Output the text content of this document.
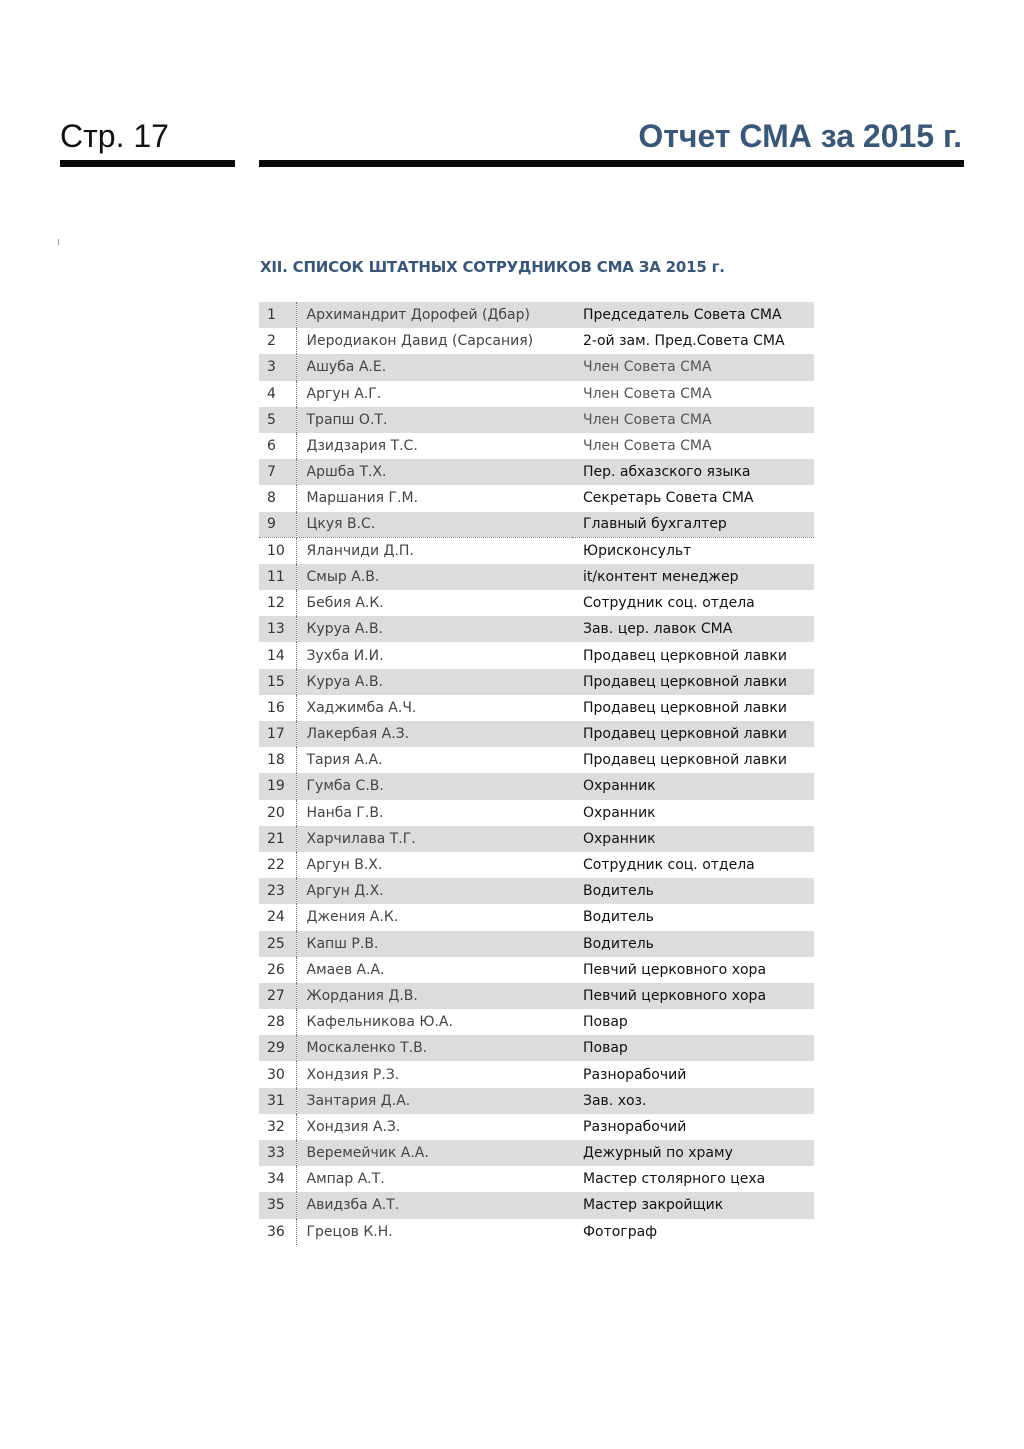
Стр. 17	Отчет СМА за 2015 г.
XII. СПИСОК ШТАТНЫХ СОТРУДНИКОВ СМА ЗА 2015 г.
1	Архимандрит Дорофей (Дбар)	Председатель Совета СМА
2	Иеродиакон Давид (Сарсания)	2-ой зам. Пред.Совета СМА
3	Ашуба А.Е.	Член Совета СМА
4	Аргун А.Г.	Член Совета СМА
5	Трапш О.Т.	Член Совета СМА
6	Дзидзария Т.С.	Член Совета СМА
7	Аршба Т.Х.	Пер. абхазского языка
8	Маршания Г.М.	Секретарь Совета СМА
9	Цкуя В.С.	Главный бухгалтер
10	Яланчиди Д.П.	Юрисконсульт
11	Смыр А.В.	it/контент менеджер
12	Бебия А.К.	Сотрудник соц. отдела
13	Куруа А.В.	Зав. цер. лавок СМА
14	Зухба И.И.	Продавец церковной лавки
15	Куруа А.В.	Продавец церковной лавки
16	Хаджимба А.Ч.	Продавец церковной лавки
17	Лакербая А.З.	Продавец церковной лавки
18	Тария А.А.	Продавец церковной лавки
19	Гумба С.В.	Охранник
20	Нанба Г.В.	Охранник
21	Харчилава Т.Г.	Охранник
22	Аргун В.Х.	Сотрудник соц. отдела
23	Аргун Д.Х.	Водитель
24	Джения А.К.	Водитель
25	Капш Р.В.	Водитель
26	Амаев А.А.	Певчий церковного хора
27	Жордания Д.В.	Певчий церковного хора
28	Кафельникова Ю.А.	Повар
29	Москаленко Т.В.	Повар
30	Хондзия Р.З.	Разнорабочий
31	Зантария Д.А.	Зав. хоз.
32	Хондзия А.З.	Разнорабочий
33	Веремейчик А.А.	Дежурный по храму
34	Ампар А.Т.	Мастер столярного цеха
35	Авидзба А.Т.	Мастер закройщик
36	Грецов К.Н.	Фотограф
